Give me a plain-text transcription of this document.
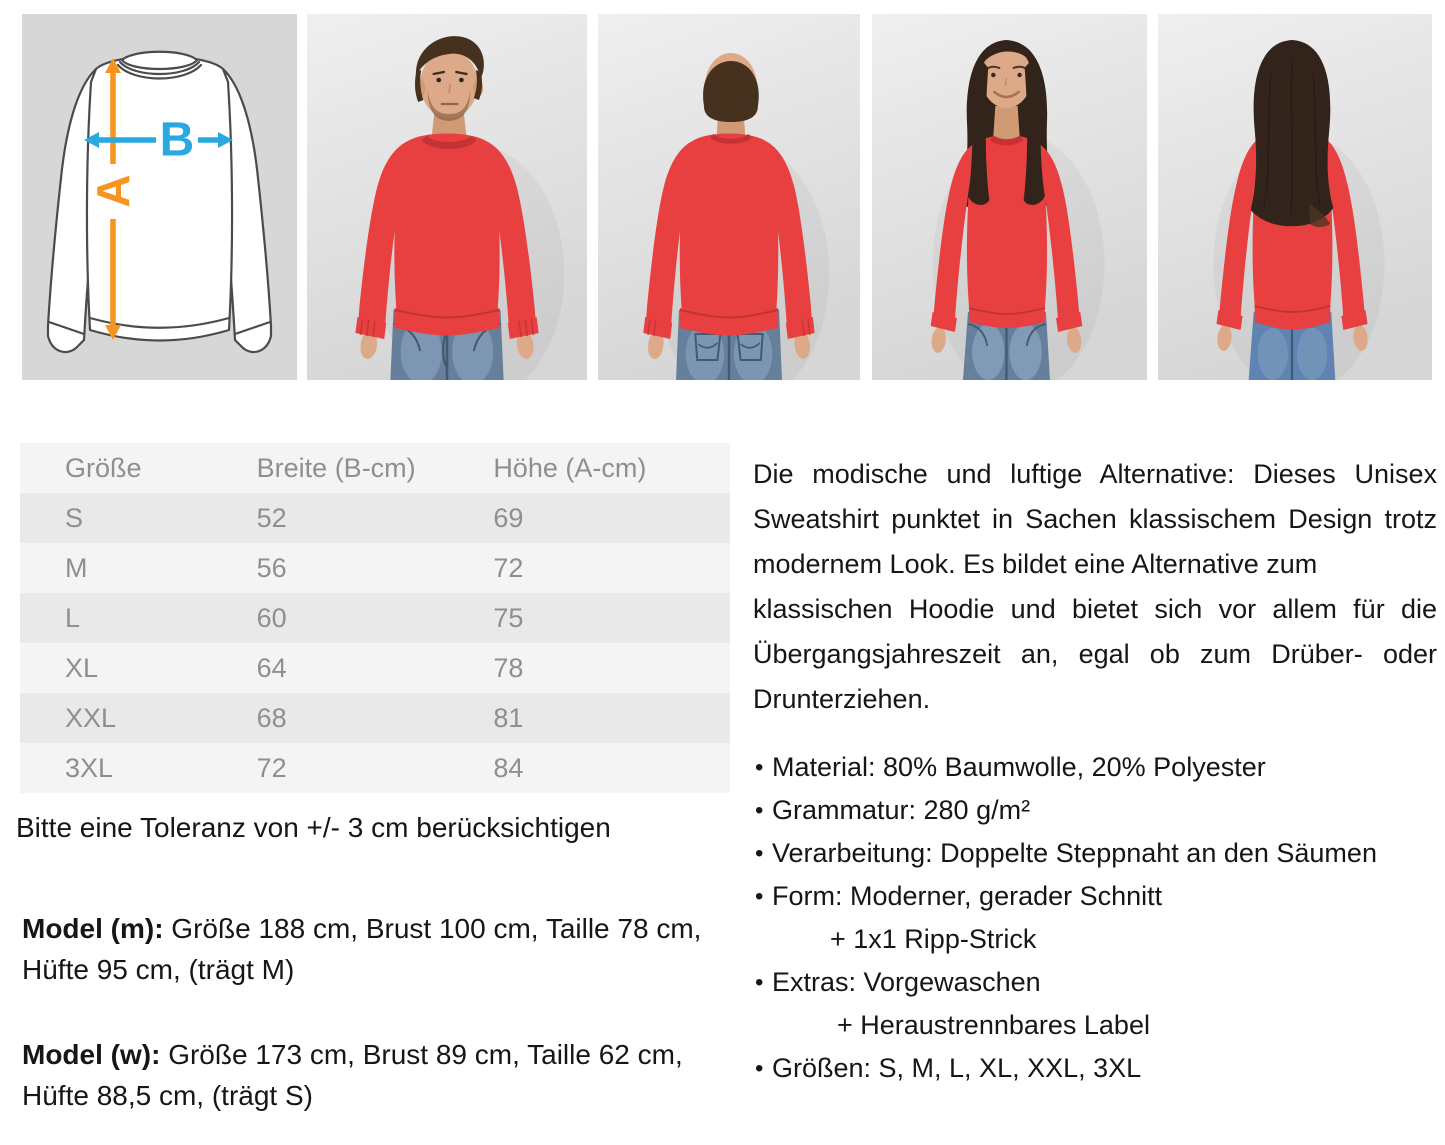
A
B
Größe	Breite (B-cm)	Höhe (A-cm)
S	52	69
M	56	72
L	60	75
XL	64	78
XXL	68	81
3XL	72	84
Bitte eine Toleranz von +/- 3 cm berücksichtigen
Model (m): Größe 188 cm, Brust 100 cm, Taille 78 cm, Hüfte 95 cm, (trägt M)
Model (w): Größe 173 cm, Brust 89 cm, Taille 62 cm, Hüfte 88,5 cm, (trägt S)
Die modische und luftige Alternative: Dieses Unisex
Sweatshirt punktet in Sachen klassischem Design trotz
modernem Look. Es bildet eine Alternative zum
klassischen Hoodie und bietet sich vor allem für die
Übergangsjahreszeit an, egal ob zum Drüber- oder
Drunterziehen.
• Material: 80% Baumwolle, 20% Polyester
• Grammatur: 280 g/m²
• Verarbeitung: Doppelte Steppnaht an den Säumen
• Form: Moderner, gerader Schnitt
+ 1x1 Ripp-Strick
• Extras: Vorgewaschen
+ Heraustrennbares Label
• Größen: S, M, L, XL, XXL, 3XL
